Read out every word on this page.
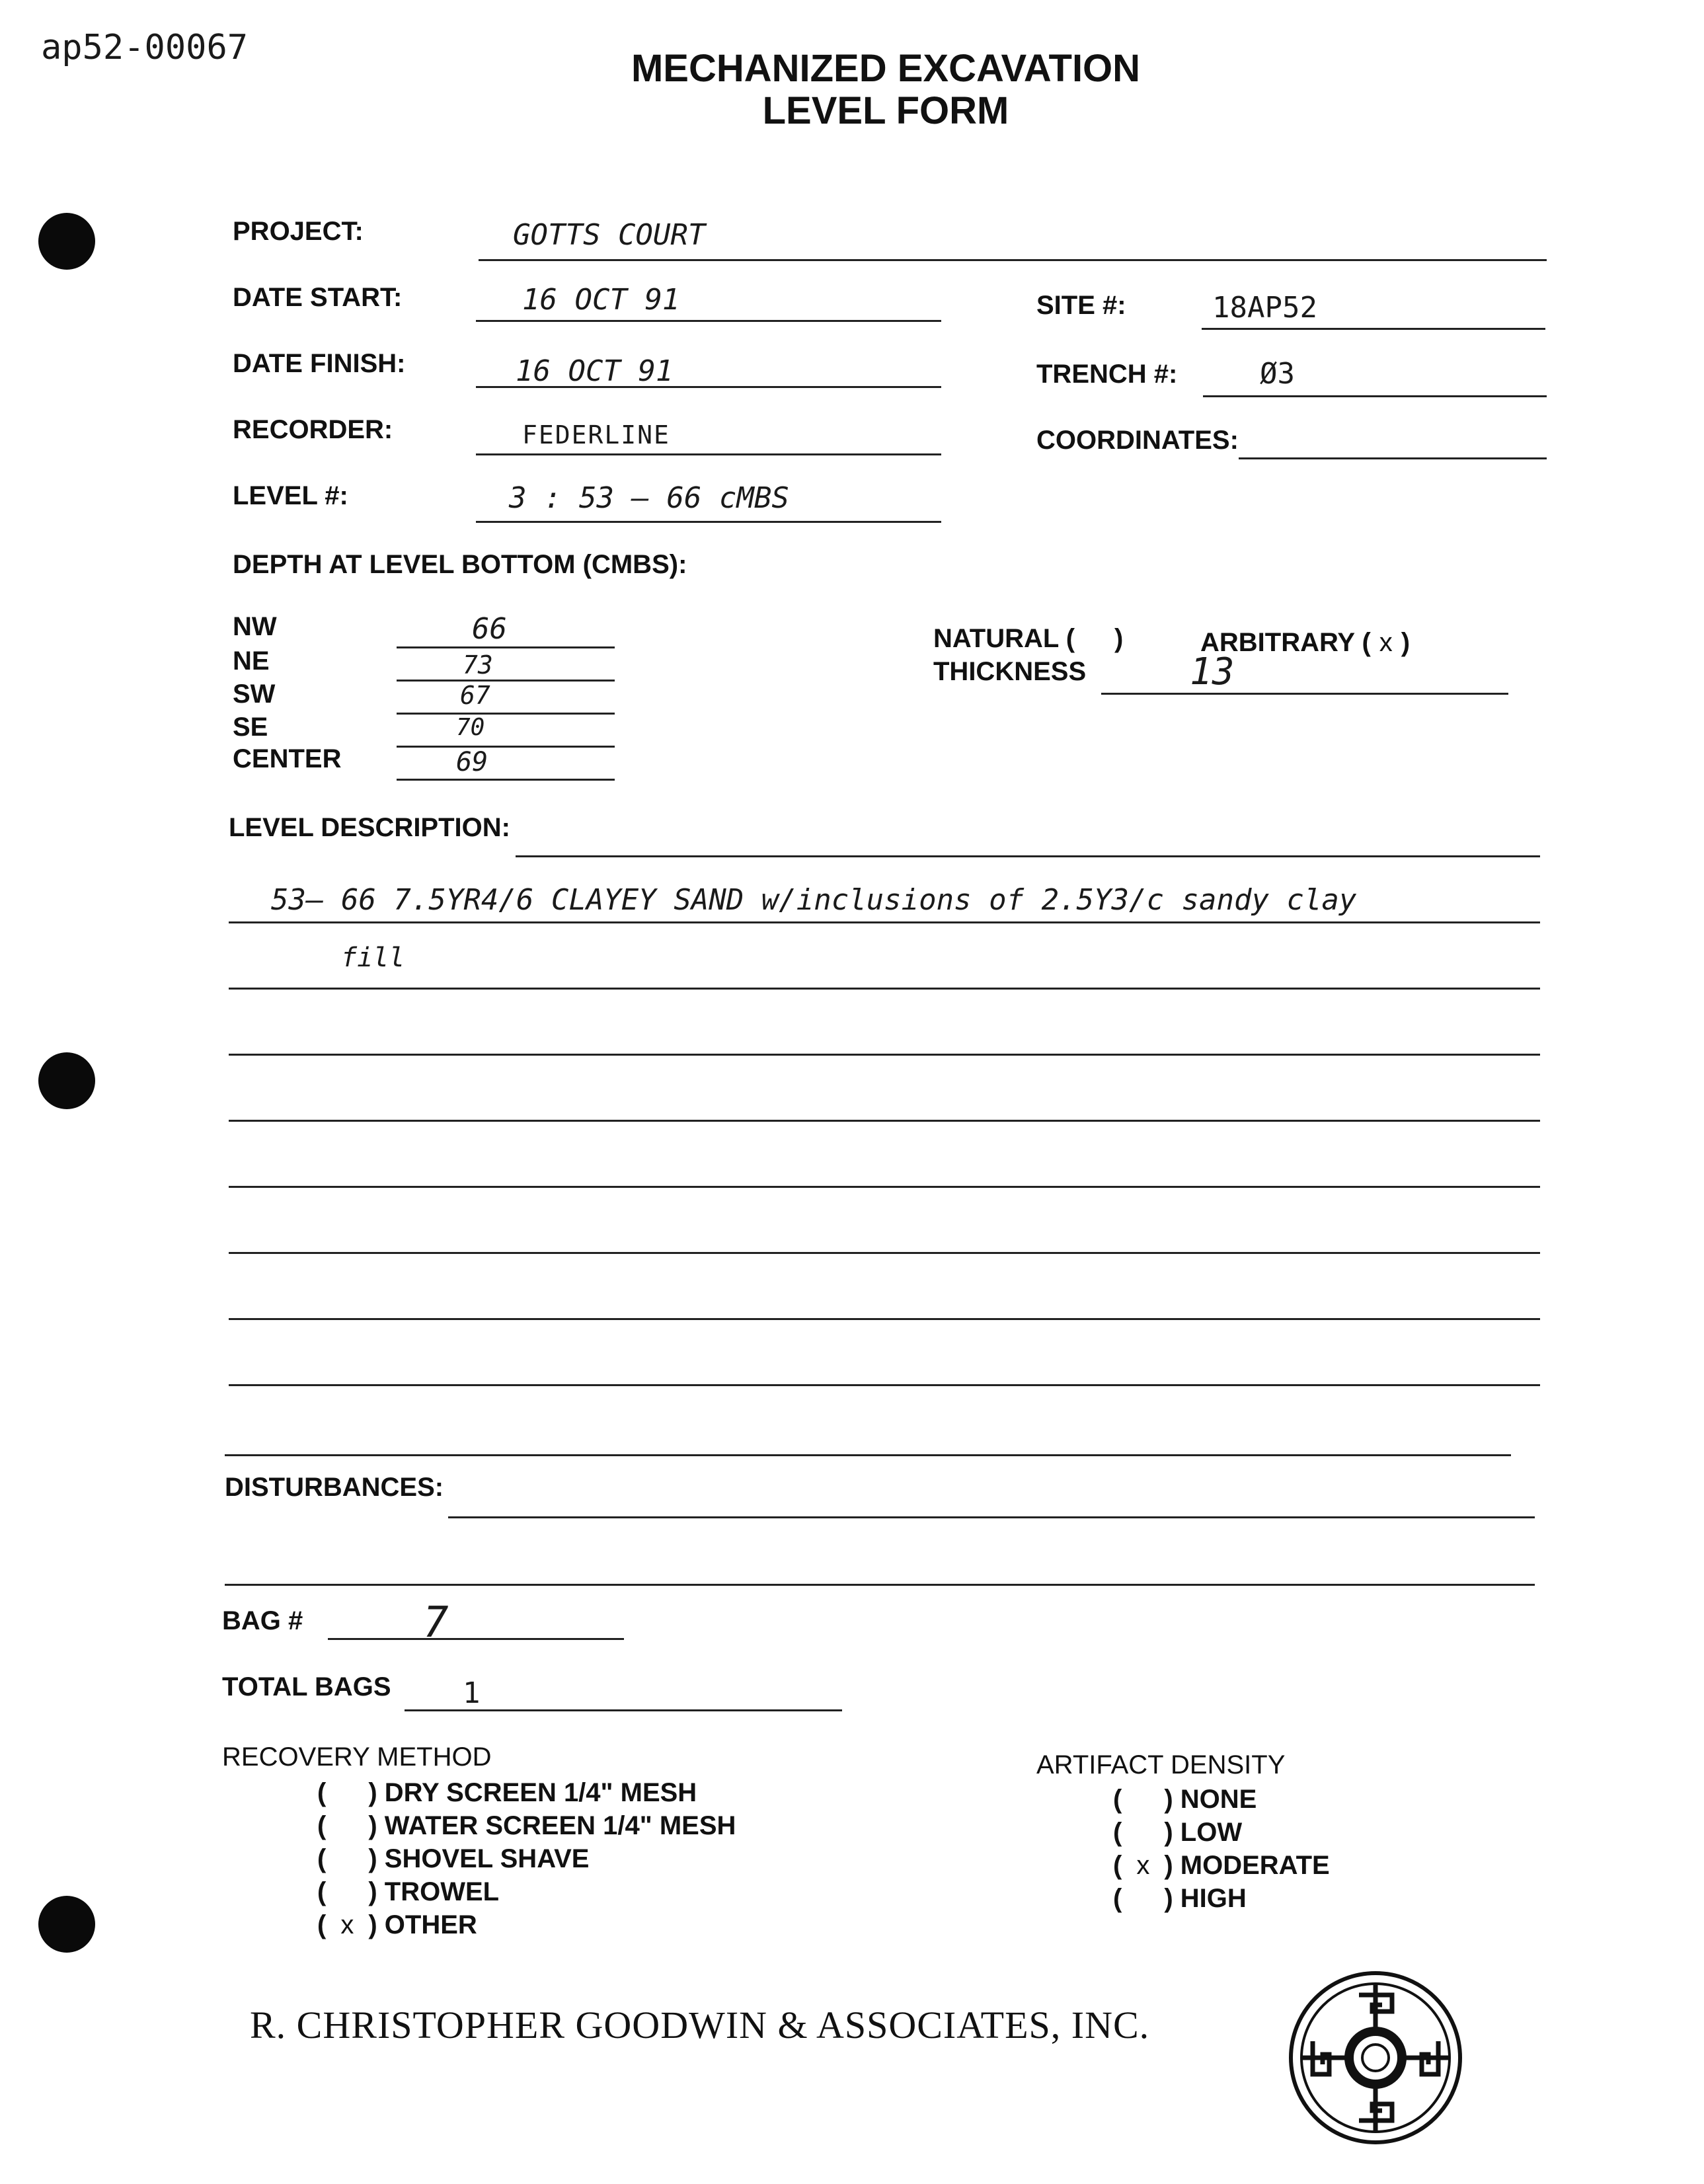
ap52-00067	MECHANIZED EXCAVATION
LEVEL FORM
PROJECT:	GOTTS COURT
DATE START:	16 OCT 91	SITE #:	18AP52
DATE FINISH:	16 OCT 91	TRENCH #:	Ø3
RECORDER:	FEDERLINE	COORDINATES:
LEVEL #:	3 : 53 – 66 cMBS
DEPTH AT LEVEL BOTTOM (CMBS):
NW	66
NE	73
SW	67
SE	70
CENTER	69
NATURAL ( )	ARBITRARY ( x )
THICKNESS	13
LEVEL DESCRIPTION:
53– 66 7.5YR4/6 CLAYEY SAND w/inclusions of 2.5Y3/c sandy clay
fill
DISTURBANCES:
BAG #	7
TOTAL BAGS 1
RECOVERY METHOD
( ) DRY SCREEN 1/4" MESH
( ) WATER SCREEN 1/4" MESH
( ) SHOVEL SHAVE
( ) TROWEL
( x ) OTHER
ARTIFACT DENSITY
( ) NONE
( ) LOW
( x ) MODERATE
( ) HIGH
R. CHRISTOPHER GOODWIN & ASSOCIATES, INC.
